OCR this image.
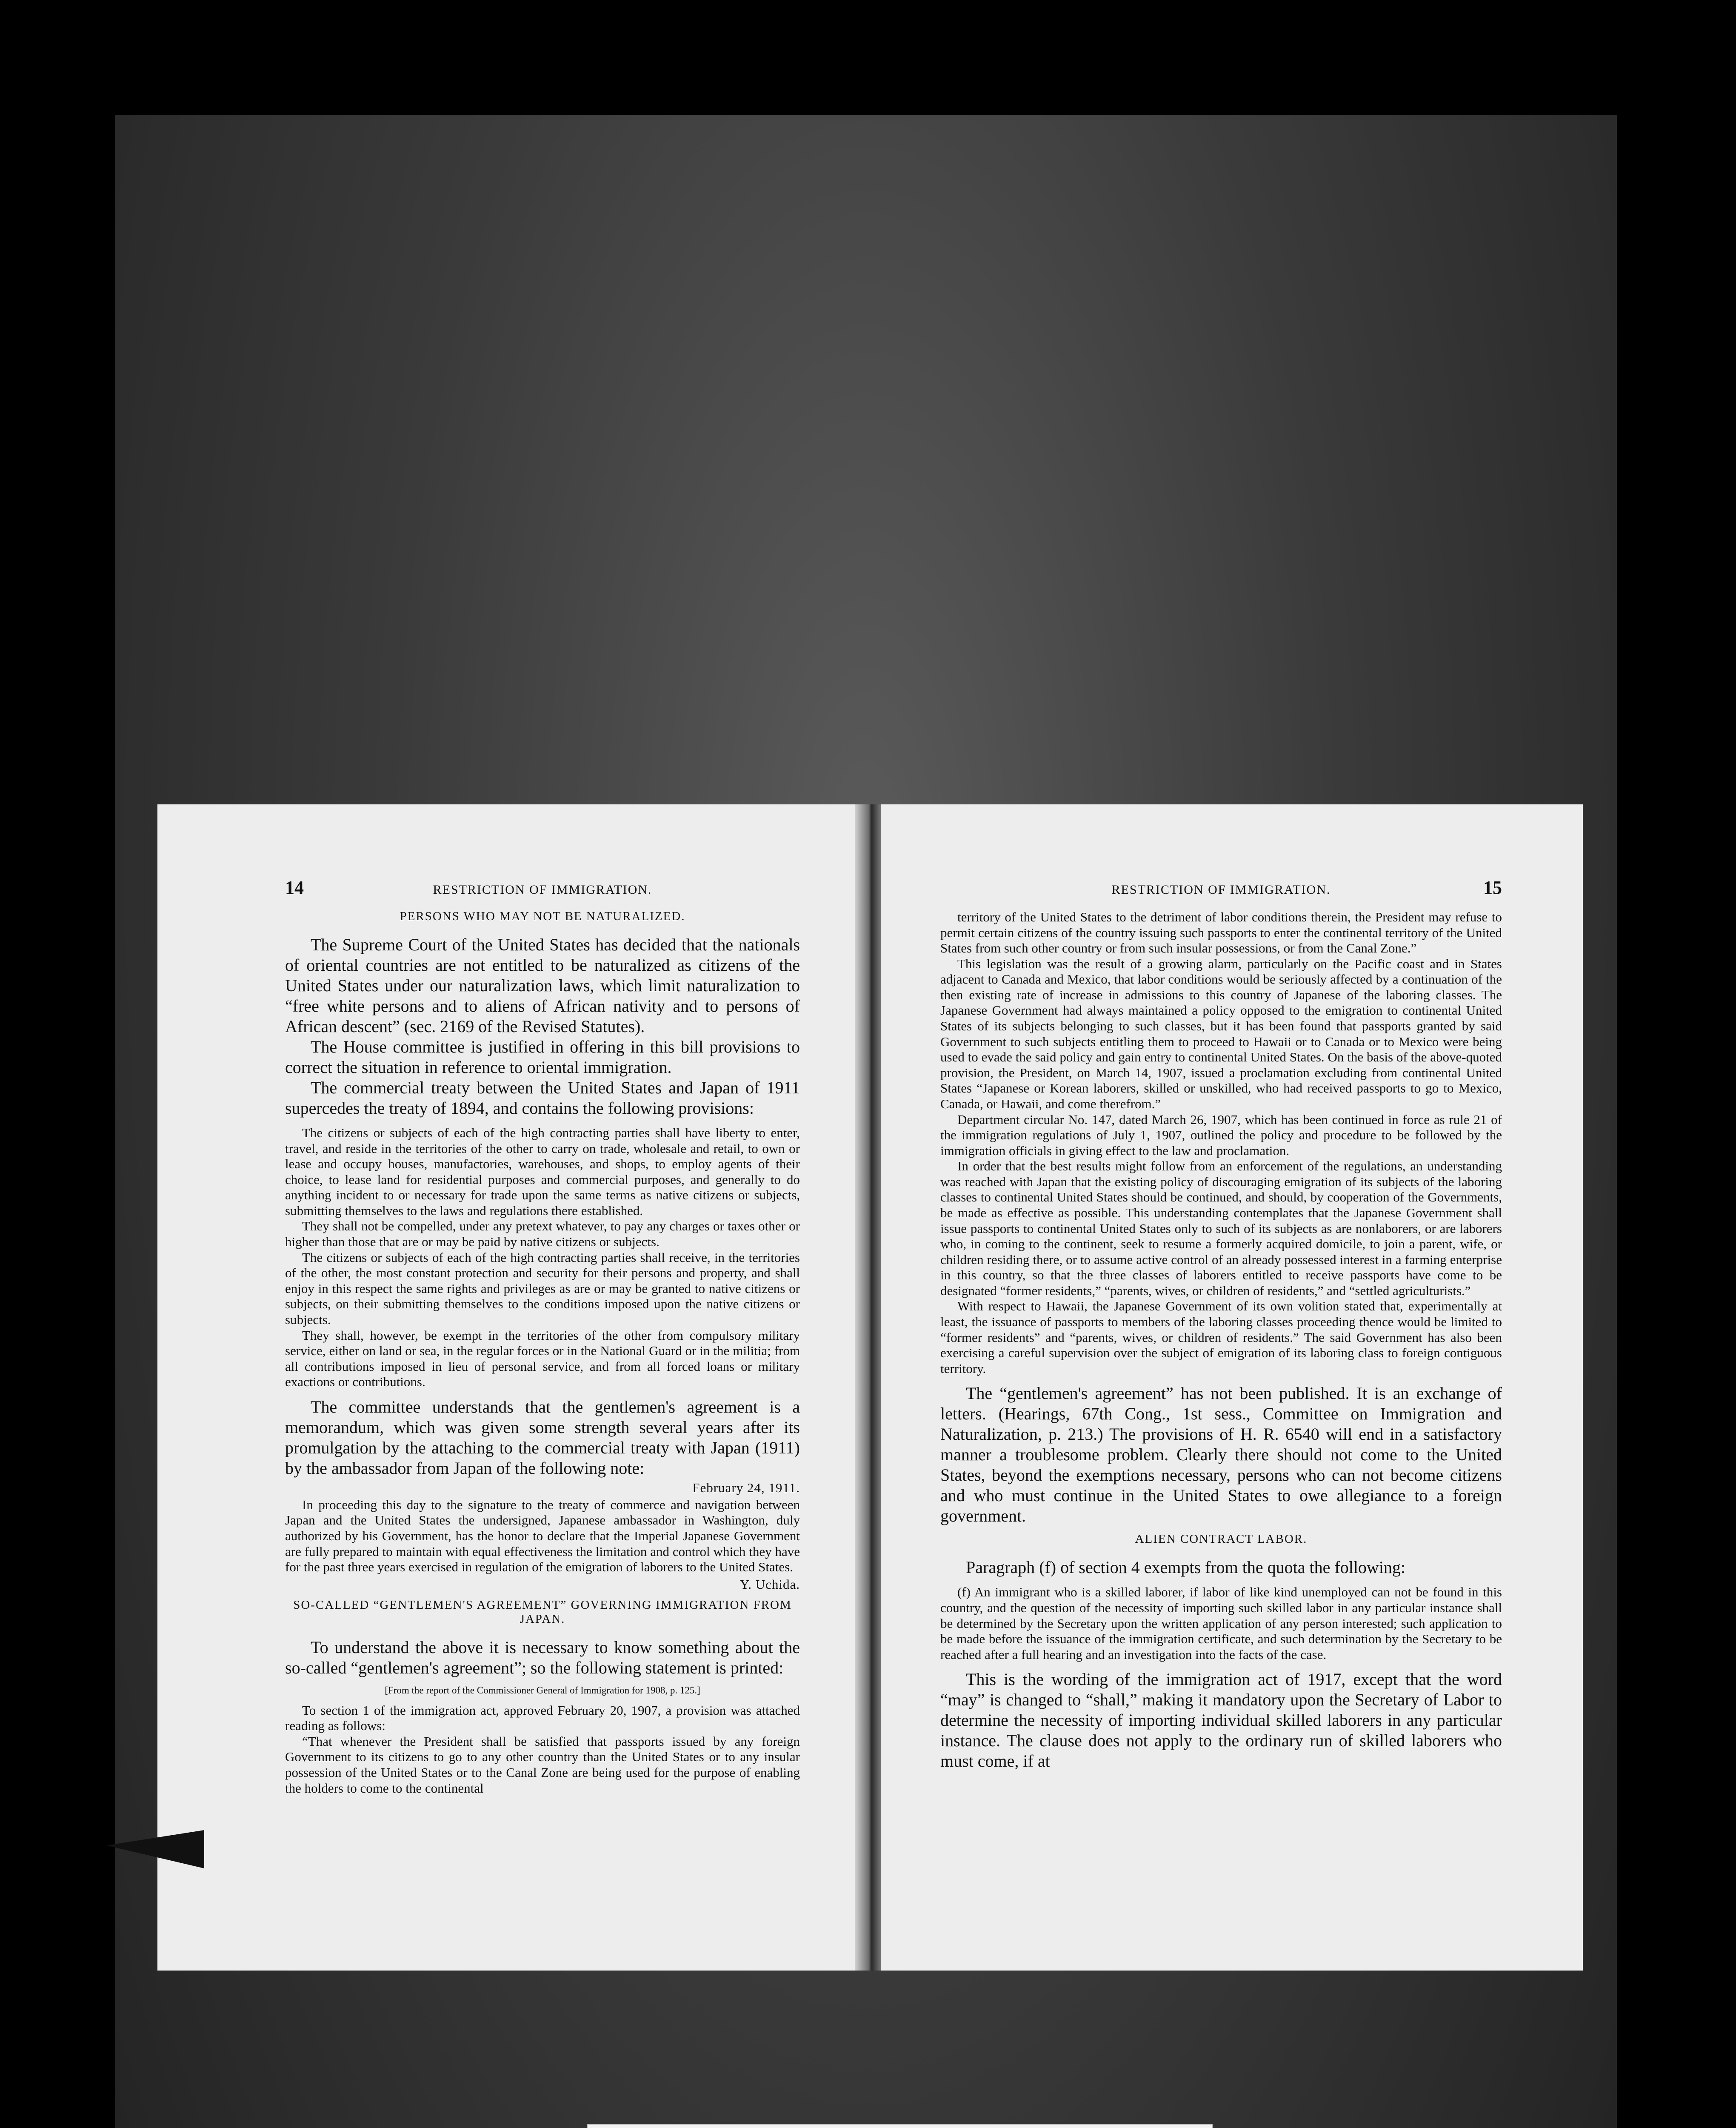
14	RESTRICTION OF IMMIGRATION.
PERSONS WHO MAY NOT BE NATURALIZED.

The Supreme Court of the United States has decided that the nationals of oriental countries are not entitled to be naturalized as citizens of the United States under our naturalization laws, which limit naturalization to “free white persons and to aliens of African nativity and to persons of African descent” (sec. 2169 of the Revised Statutes).

The House committee is justified in offering in this bill provisions to correct the situation in reference to oriental immigration.

The commercial treaty between the United States and Japan of 1911 supercedes the treaty of 1894, and contains the following provisions:

The citizens or subjects of each of the high contracting parties shall have liberty to enter, travel, and reside in the territories of the other to carry on trade, wholesale and retail, to own or lease and occupy houses, manufactories, warehouses, and shops, to employ agents of their choice, to lease land for residential purposes and commercial purposes, and generally to do anything incident to or necessary for trade upon the same terms as native citizens or subjects, submitting themselves to the laws and regulations there established.

They shall not be compelled, under any pretext whatever, to pay any charges or taxes other or higher than those that are or may be paid by native citizens or subjects.

The citizens or subjects of each of the high contracting parties shall receive, in the territories of the other, the most constant protection and security for their persons and property, and shall enjoy in this respect the same rights and privileges as are or may be granted to native citizens or subjects, on their submitting themselves to the conditions imposed upon the native citizens or subjects.

They shall, however, be exempt in the territories of the other from compulsory military service, either on land or sea, in the regular forces or in the National Guard or in the militia; from all contributions imposed in lieu of personal service, and from all forced loans or military exactions or contributions.

The committee understands that the gentlemen's agreement is a memorandum, which was given some strength several years after its promulgation by the attaching to the commercial treaty with Japan (1911) by the ambassador from Japan of the following note:

February 24, 1911.

In proceeding this day to the signature to the treaty of commerce and navigation between Japan and the United States the undersigned, Japanese ambassador in Washington, duly authorized by his Government, has the honor to declare that the Imperial Japanese Government are fully prepared to maintain with equal effectiveness the limitation and control which they have for the past three years exercised in regulation of the emigration of laborers to the United States.

Y. Uchida.
SO-CALLED “GENTLEMEN'S AGREEMENT” GOVERNING IMMIGRATION FROM JAPAN.

To understand the above it is necessary to know something about the so-called “gentlemen's agreement”; so the following statement is printed:

[From the report of the Commissioner General of Immigration for 1908, p. 125.]

To section 1 of the immigration act, approved February 20, 1907, a provision was attached reading as follows:

“That whenever the President shall be satisfied that passports issued by any foreign Government to its citizens to go to any other country than the United States or to any insular possession of the United States or to the Canal Zone are being used for the purpose of enabling the holders to come to the continental

RESTRICTION OF IMMIGRATION.	15

territory of the United States to the detriment of labor conditions therein, the President may refuse to permit certain citizens of the country issuing such passports to enter the continental territory of the United States from such other country or from such insular possessions, or from the Canal Zone.”

This legislation was the result of a growing alarm, particularly on the Pacific coast and in States adjacent to Canada and Mexico, that labor conditions would be seriously affected by a continuation of the then existing rate of increase in admissions to this country of Japanese of the laboring classes. The Japanese Government had always maintained a policy opposed to the emigration to continental United States of its subjects belonging to such classes, but it has been found that passports granted by said Government to such subjects entitling them to proceed to Hawaii or to Canada or to Mexico were being used to evade the said policy and gain entry to continental United States. On the basis of the above-quoted provision, the President, on March 14, 1907, issued a proclamation excluding from continental United States “Japanese or Korean laborers, skilled or unskilled, who had received passports to go to Mexico, Canada, or Hawaii, and come therefrom.”

Department circular No. 147, dated March 26, 1907, which has been continued in force as rule 21 of the immigration regulations of July 1, 1907, outlined the policy and procedure to be followed by the immigration officials in giving effect to the law and proclamation.

In order that the best results might follow from an enforcement of the regulations, an understanding was reached with Japan that the existing policy of discouraging emigration of its subjects of the laboring classes to continental United States should be continued, and should, by cooperation of the Governments, be made as effective as possible. This understanding contemplates that the Japanese Government shall issue passports to continental United States only to such of its subjects as are nonlaborers, or are laborers who, in coming to the continent, seek to resume a formerly acquired domicile, to join a parent, wife, or children residing there, or to assume active control of an already possessed interest in a farming enterprise in this country, so that the three classes of laborers entitled to receive passports have come to be designated “former residents,” “parents, wives, or children of residents,” and “settled agriculturists.”

With respect to Hawaii, the Japanese Government of its own volition stated that, experimentally at least, the issuance of passports to members of the laboring classes proceeding thence would be limited to “former residents” and “parents, wives, or children of residents.” The said Government has also been exercising a careful supervision over the subject of emigration of its laboring class to foreign contiguous territory.

The “gentlemen's agreement” has not been published. It is an exchange of letters. (Hearings, 67th Cong., 1st sess., Committee on Immigration and Naturalization, p. 213.) The provisions of H. R. 6540 will end in a satisfactory manner a troublesome problem. Clearly there should not come to the United States, beyond the exemptions necessary, persons who can not become citizens and who must continue in the United States to owe allegiance to a foreign government.

ALIEN CONTRACT LABOR.

Paragraph (f) of section 4 exempts from the quota the following:

(f) An immigrant who is a skilled laborer, if labor of like kind unemployed can not be found in this country, and the question of the necessity of importing such skilled labor in any particular instance shall be determined by the Secretary upon the written application of any person interested; such application to be made before the issuance of the immigration certificate, and such determination by the Secretary to be reached after a full hearing and an investigation into the facts of the case.

This is the wording of the immigration act of 1917, except that the word “may” is changed to “shall,” making it mandatory upon the Secretary of Labor to determine the necessity of importing individual skilled laborers in any particular instance. The clause does not apply to the ordinary run of skilled laborers who must come, if at
